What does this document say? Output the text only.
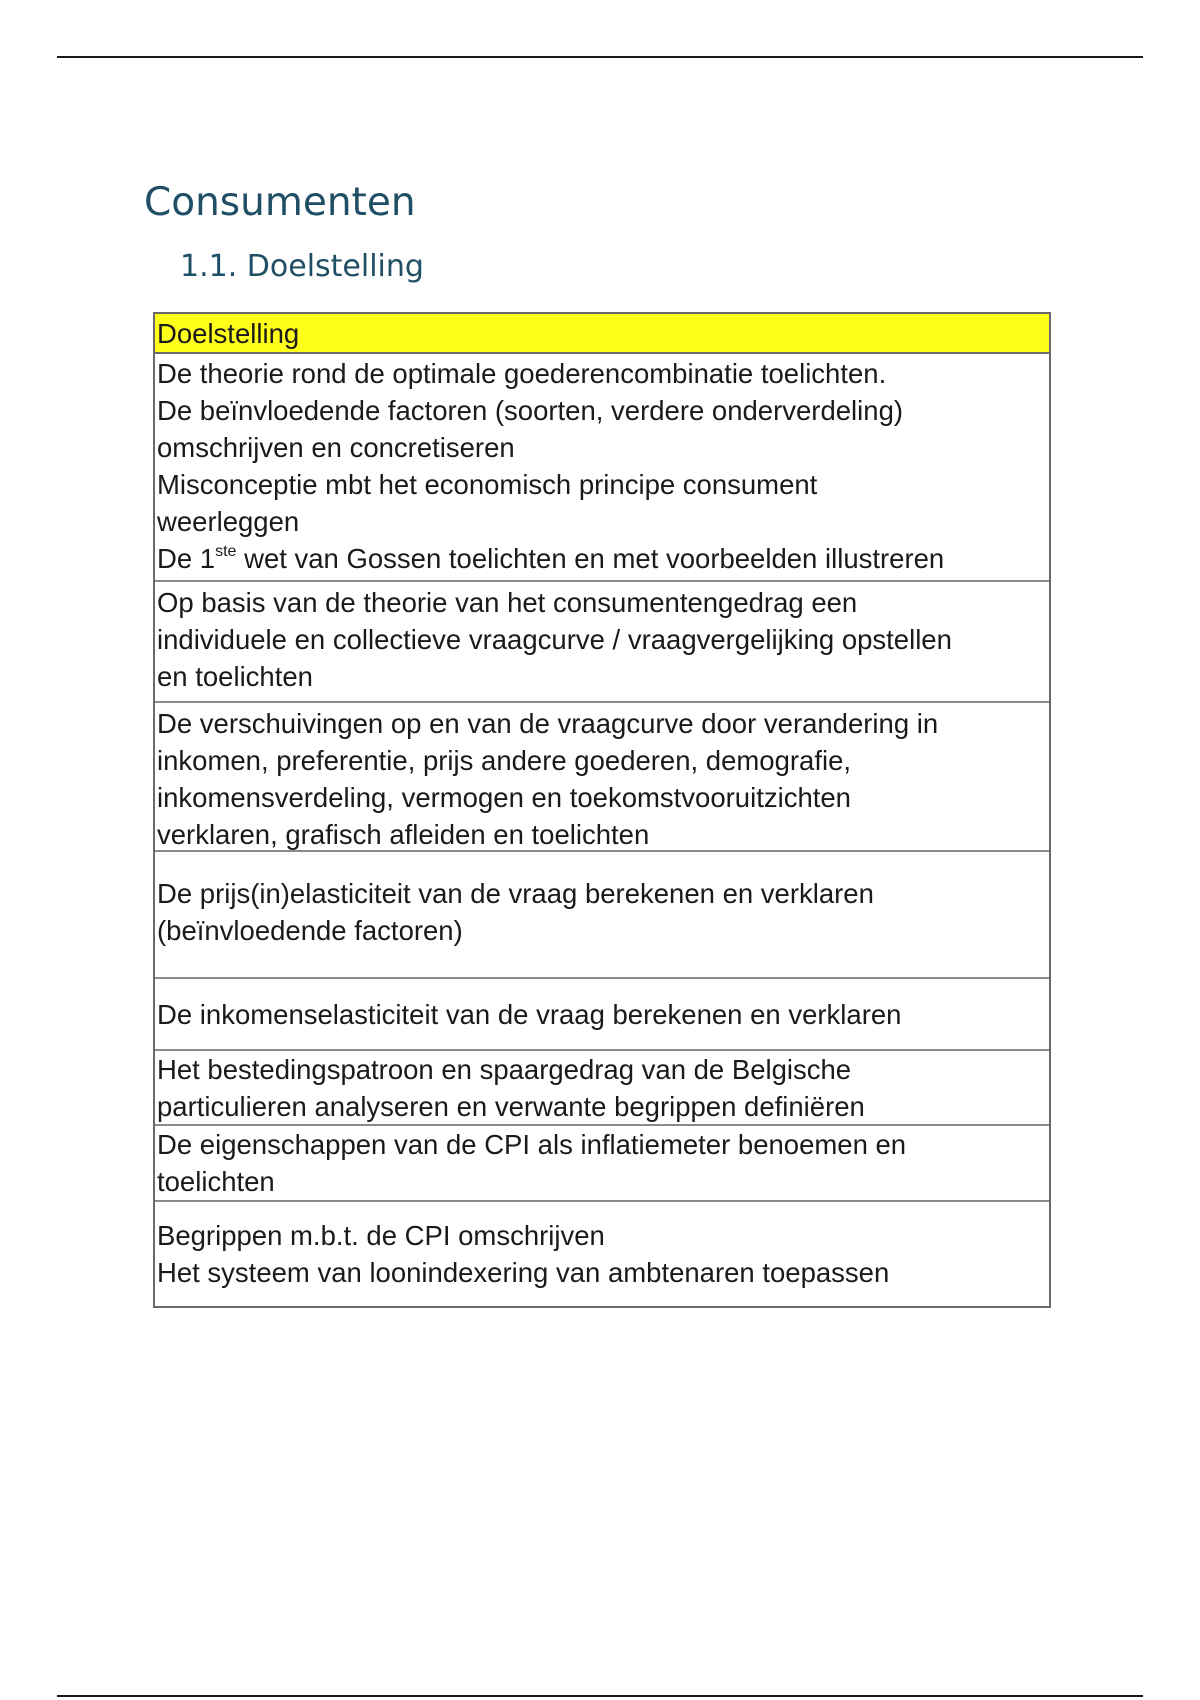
Consumenten
1.1. Doelstelling
Doelstelling
De theorie rond de optimale goederencombinatie toelichten.
De beïnvloedende factoren (soorten, verdere onderverdeling)
omschrijven en concretiseren
Misconceptie mbt het economisch principe consument
weerleggen
De 1ste wet van Gossen toelichten en met voorbeelden illustreren
Op basis van de theorie van het consumentengedrag een
individuele en collectieve vraagcurve / vraagvergelijking opstellen
en toelichten
De verschuivingen op en van de vraagcurve door verandering in
inkomen, preferentie, prijs andere goederen, demografie,
inkomensverdeling, vermogen en toekomstvooruitzichten
verklaren, grafisch afleiden en toelichten
De prijs(in)elasticiteit van de vraag berekenen en verklaren
(beïnvloedende factoren)
De inkomenselasticiteit van de vraag berekenen en verklaren
Het bestedingspatroon en spaargedrag van de Belgische
particulieren analyseren en verwante begrippen definiëren
De eigenschappen van de CPI als inflatiemeter benoemen en
toelichten
Begrippen m.b.t. de CPI omschrijven
Het systeem van loonindexering van ambtenaren toepassen
